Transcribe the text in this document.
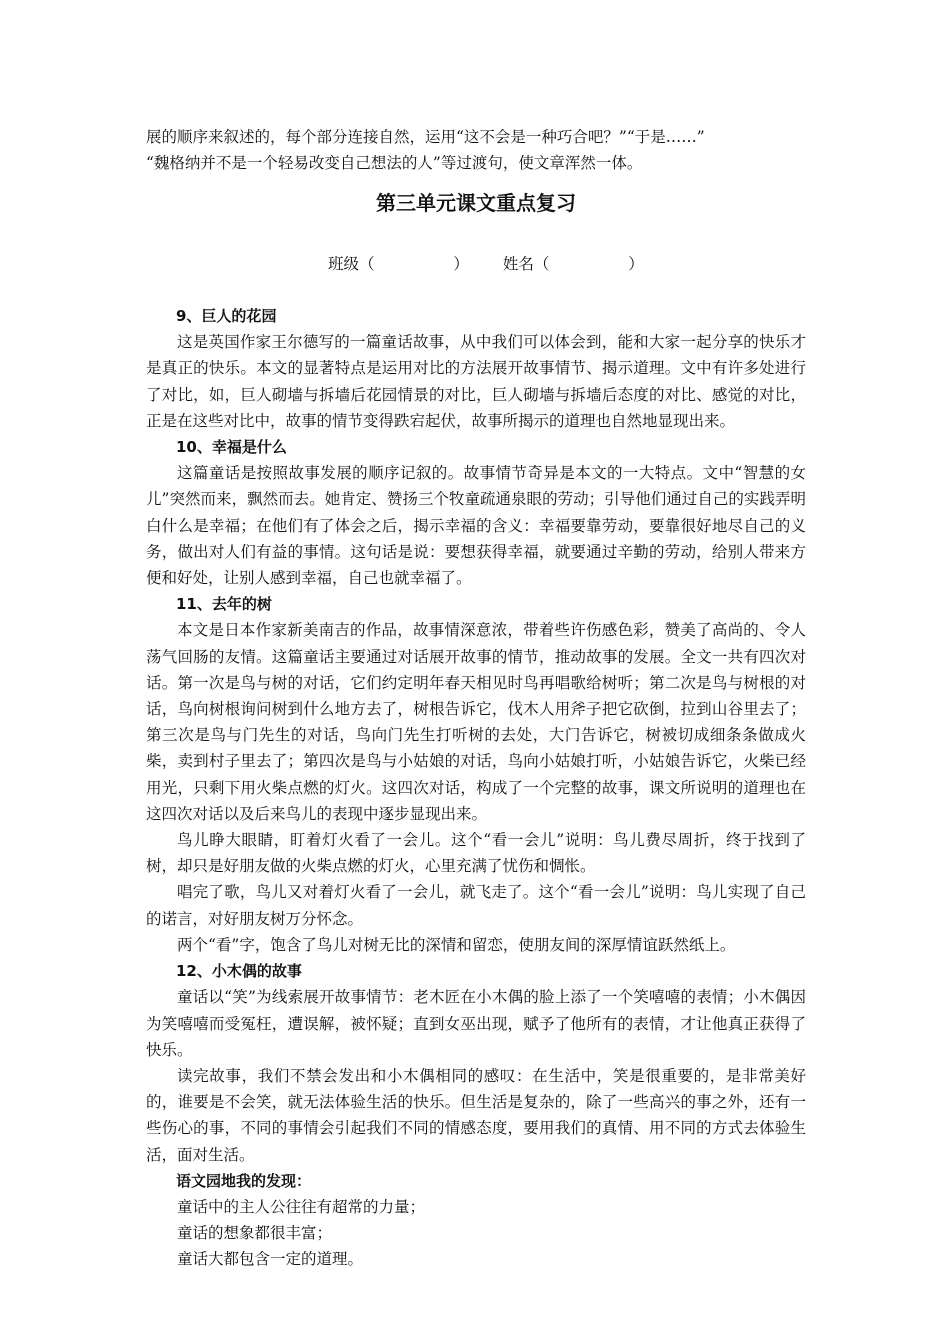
展的顺序来叙述的，每个部分连接自然，运用“这不会是一种巧合吧？”“于是……”

“魏格纳并不是一个轻易改变自己想法的人”等过渡句，使文章浑然一体。

第三单元课文重点复习

班级（                ） 姓名（                ）

9、巨人的花园

这是英国作家王尔德写的一篇童话故事，从中我们可以体会到，能和大家一起分享的快乐才是真正的快乐。本文的显著特点是运用对比的方法展开故事情节、揭示道理。文中有许多处进行了对比，如，巨人砌墙与拆墙后花园情景的对比，巨人砌墙与拆墙后态度的对比、感觉的对比，正是在这些对比中，故事的情节变得跌宕起伏，故事所揭示的道理也自然地显现出来。

10、幸福是什么

这篇童话是按照故事发展的顺序记叙的。故事情节奇异是本文的一大特点。文中“智慧的女儿”突然而来，飘然而去。她肯定、赞扬三个牧童疏通泉眼的劳动；引导他们通过自己的实践弄明白什么是幸福；在他们有了体会之后，揭示幸福的含义：幸福要靠劳动，要靠很好地尽自己的义务，做出对人们有益的事情。这句话是说：要想获得幸福，就要通过辛勤的劳动，给别人带来方便和好处，让别人感到幸福，自己也就幸福了。

11、去年的树

本文是日本作家新美南吉的作品，故事情深意浓，带着些许伤感色彩，赞美了高尚的、令人荡气回肠的友情。这篇童话主要通过对话展开故事的情节，推动故事的发展。全文一共有四次对话。第一次是鸟与树的对话，它们约定明年春天相见时鸟再唱歌给树听；第二次是鸟与树根的对话，鸟向树根询问树到什么地方去了，树根告诉它，伐木人用斧子把它砍倒，拉到山谷里去了；第三次是鸟与门先生的对话，鸟向门先生打听树的去处，大门告诉它，树被切成细条条做成火柴，卖到村子里去了；第四次是鸟与小姑娘的对话，鸟向小姑娘打听，小姑娘告诉它，火柴已经用光，只剩下用火柴点燃的灯火。这四次对话，构成了一个完整的故事，课文所说明的道理也在这四次对话以及后来鸟儿的表现中逐步显现出来。

鸟儿睁大眼睛，盯着灯火看了一会儿。这个“看一会儿”说明：鸟儿费尽周折，终于找到了树，却只是好朋友做的火柴点燃的灯火，心里充满了忧伤和惆怅。

唱完了歌，鸟儿又对着灯火看了一会儿，就飞走了。这个“看一会儿”说明：鸟儿实现了自己的诺言，对好朋友树万分怀念。

两个“看”字，饱含了鸟儿对树无比的深情和留恋，使朋友间的深厚情谊跃然纸上。

12、小木偶的故事

童话以“笑”为线索展开故事情节：老木匠在小木偶的脸上添了一个笑嘻嘻的表情；小木偶因为笑嘻嘻而受冤枉，遭误解，被怀疑；直到女巫出现，赋予了他所有的表情，才让他真正获得了快乐。

读完故事，我们不禁会发出和小木偶相同的感叹：在生活中，笑是很重要的，是非常美好的，谁要是不会笑，就无法体验生活的快乐。但生活是复杂的，除了一些高兴的事之外，还有一些伤心的事，不同的事情会引起我们不同的情感态度，要用我们的真情、用不同的方式去体验生活，面对生活。

语文园地我的发现：

童话中的主人公往往有超常的力量；

童话的想象都很丰富；

童话大都包含一定的道理。
